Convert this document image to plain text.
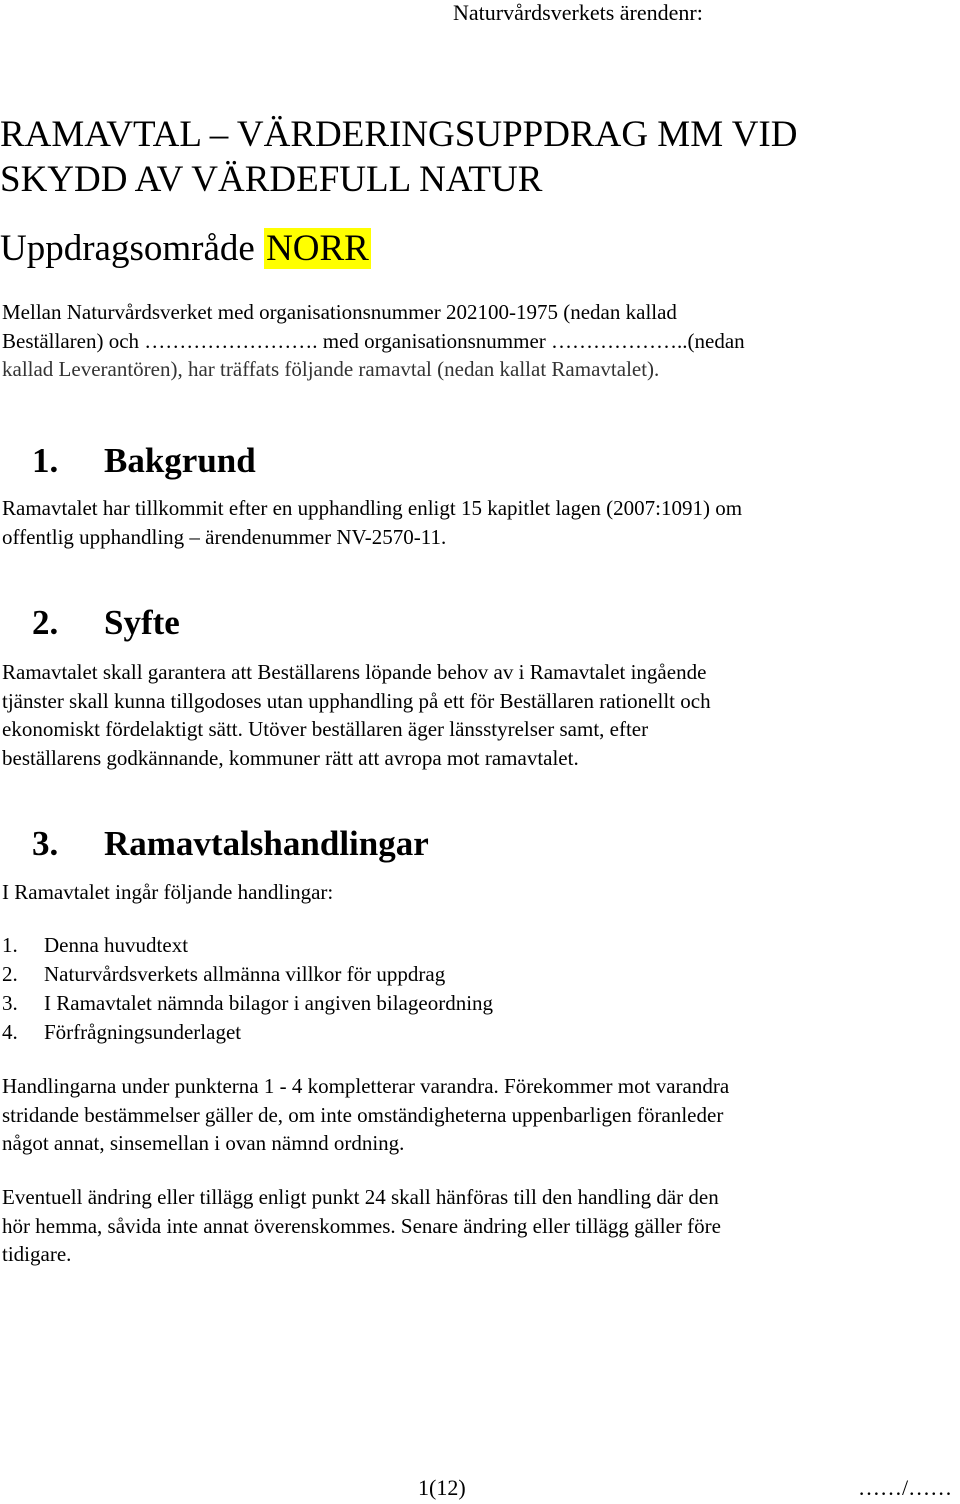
Naturvårdsverkets ärendenr:
RAMAVTAL – VÄRDERINGSUPPDRAG MM VID
SKYDD AV VÄRDEFULL NATUR
Uppdragsområde NORR
Mellan Naturvårdsverket med organisationsnummer 202100-1975 (nedan kallad
Beställaren) och ……………………. med organisationsnummer ………………..(nedan
kallad Leverantören), har träffats följande ramavtal (nedan kallat Ramavtalet).
1. Bakgrund
Ramavtalet har tillkommit efter en upphandling enligt 15 kapitlet lagen (2007:1091) om
offentlig upphandling – ärendenummer NV-2570-11.
2. Syfte
Ramavtalet skall garantera att Beställarens löpande behov av i Ramavtalet ingående
tjänster skall kunna tillgodoses utan upphandling på ett för Beställaren rationellt och
ekonomiskt fördelaktigt sätt. Utöver beställaren äger länsstyrelser samt, efter
beställarens godkännande, kommuner rätt att avropa mot ramavtalet.
3. Ramavtalshandlingar
I Ramavtalet ingår följande handlingar:
1. Denna huvudtext
2. Naturvårdsverkets allmänna villkor för uppdrag
3. I Ramavtalet nämnda bilagor i angiven bilageordning
4. Förfrågningsunderlaget
Handlingarna under punkterna 1 - 4 kompletterar varandra. Förekommer mot varandra
stridande bestämmelser gäller de, om inte omständigheterna uppenbarligen föranleder
något annat, sinsemellan i ovan nämnd ordning.
Eventuell ändring eller tillägg enligt punkt 24 skall hänföras till den handling där den
hör hemma, såvida inte annat överenskommes. Senare ändring eller tillägg gäller före
tidigare.
1(12)	……/……
